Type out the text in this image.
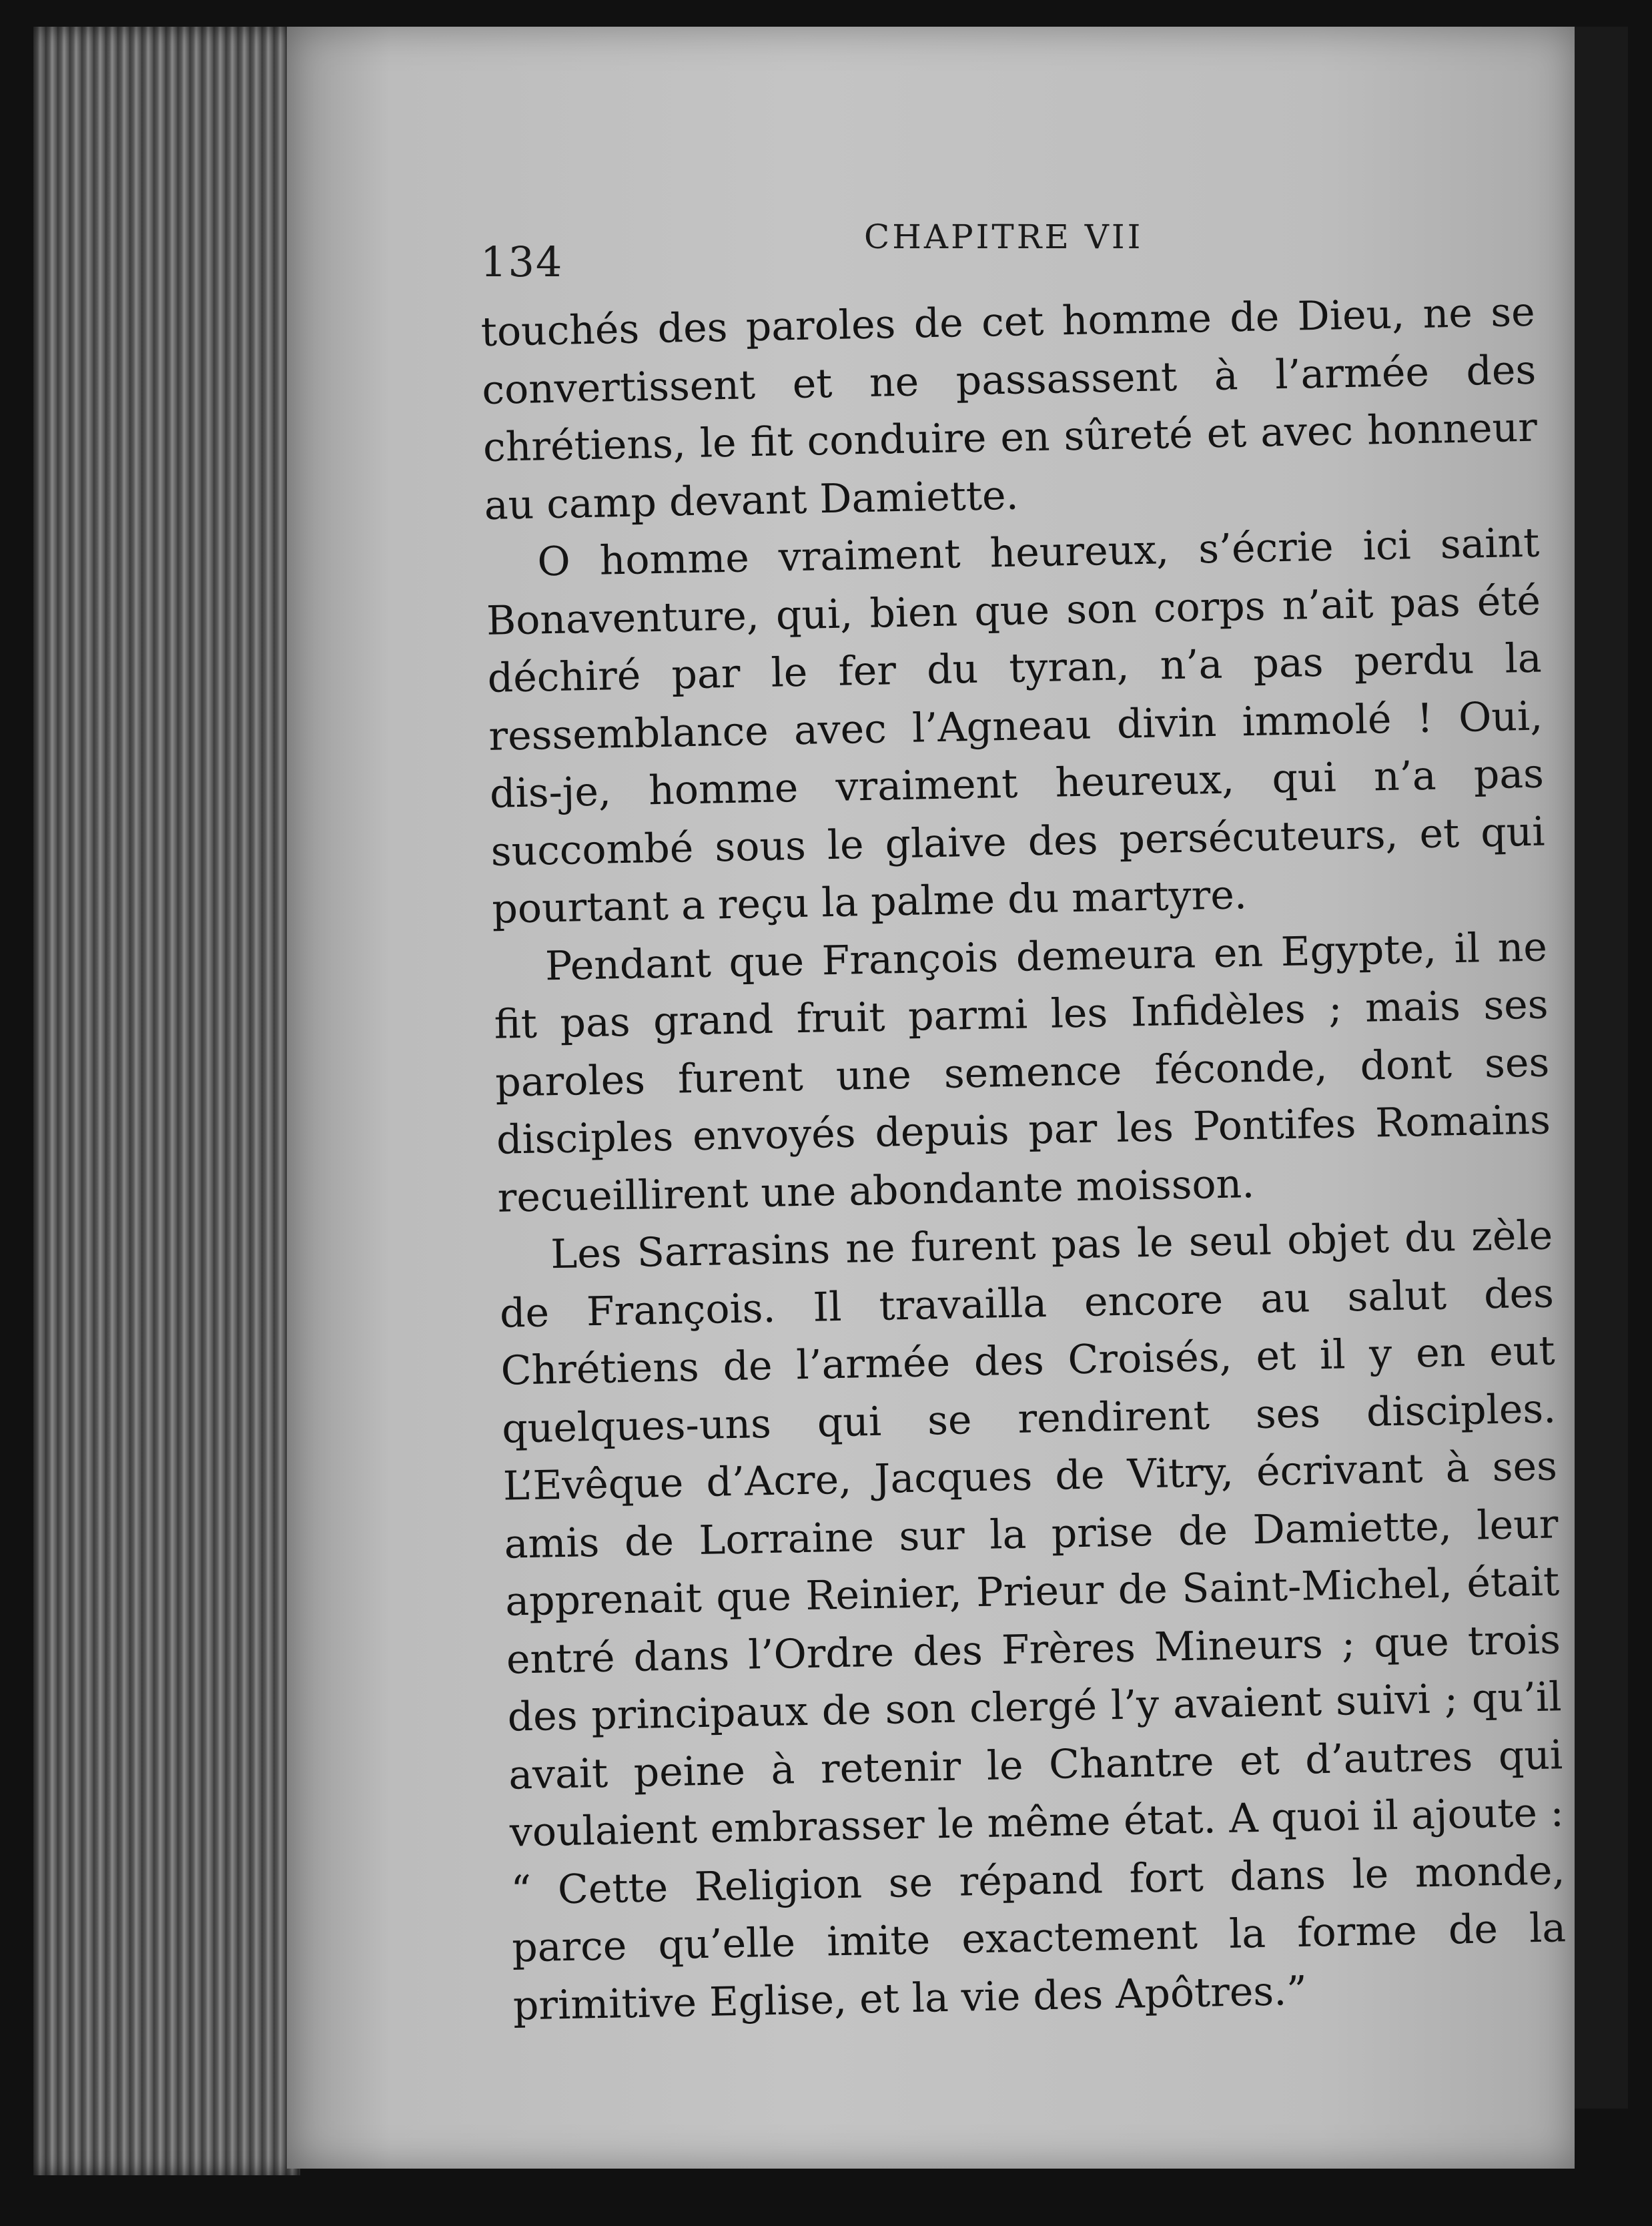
134
CHAPITRE VII

touchés des paroles de cet homme de Dieu, ne se convertissent et ne passassent à l’armée des chrétiens, le fit conduire en sûreté et avec honneur au camp devant Damiette.

O homme vraiment heureux, s’écrie ici saint Bonaventure, qui, bien que son corps n’ait pas été déchiré par le fer du tyran, n’a pas perdu la ressemblance avec l’Agneau divin immolé ! Oui, dis-je, homme vraiment heureux, qui n’a pas succombé sous le glaive des persécuteurs, et qui pourtant a reçu la palme du martyre.

Pendant que François demeura en Egypte, il ne fit pas grand fruit parmi les Infidèles ; mais ses paroles furent une semence féconde, dont ses disciples envoyés depuis par les Pontifes Romains recueillirent une abondante moisson.

Les Sarrasins ne furent pas le seul objet du zèle de François. Il travailla encore au salut des Chrétiens de l’armée des Croisés, et il y en eut quelques-uns qui se rendirent ses disciples. L’Evêque d’Acre, Jacques de Vitry, écrivant à ses amis de Lorraine sur la prise de Damiette, leur apprenait que Reinier, Prieur de Saint-Michel, était entré dans l’Ordre des Frères Mineurs ; que trois des principaux de son clergé l’y avaient suivi ; qu’il avait peine à retenir le Chantre et d’autres qui voulaient embrasser le même état. A quoi il ajoute : “ Cette Religion se répand fort dans le monde, parce qu’elle imite exactement la forme de la primitive Eglise, et la vie des Apôtres.”
